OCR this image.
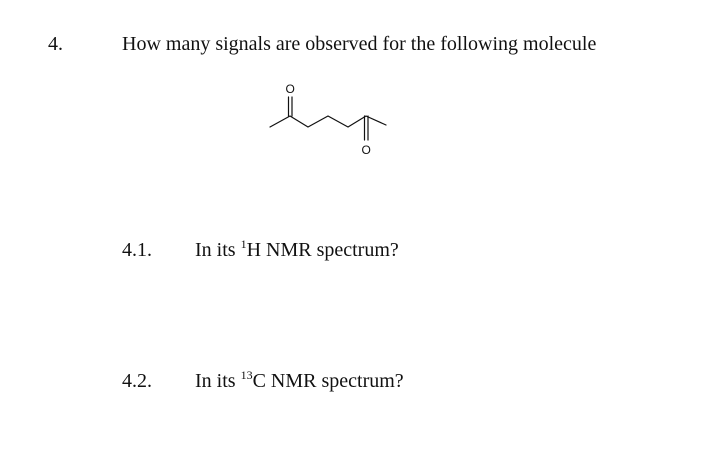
4.	How many signals are observed for the following molecule
O
O
4.1. In its $^1$H NMR spectrum?
4.2. In its $^{13}$C NMR spectrum?
